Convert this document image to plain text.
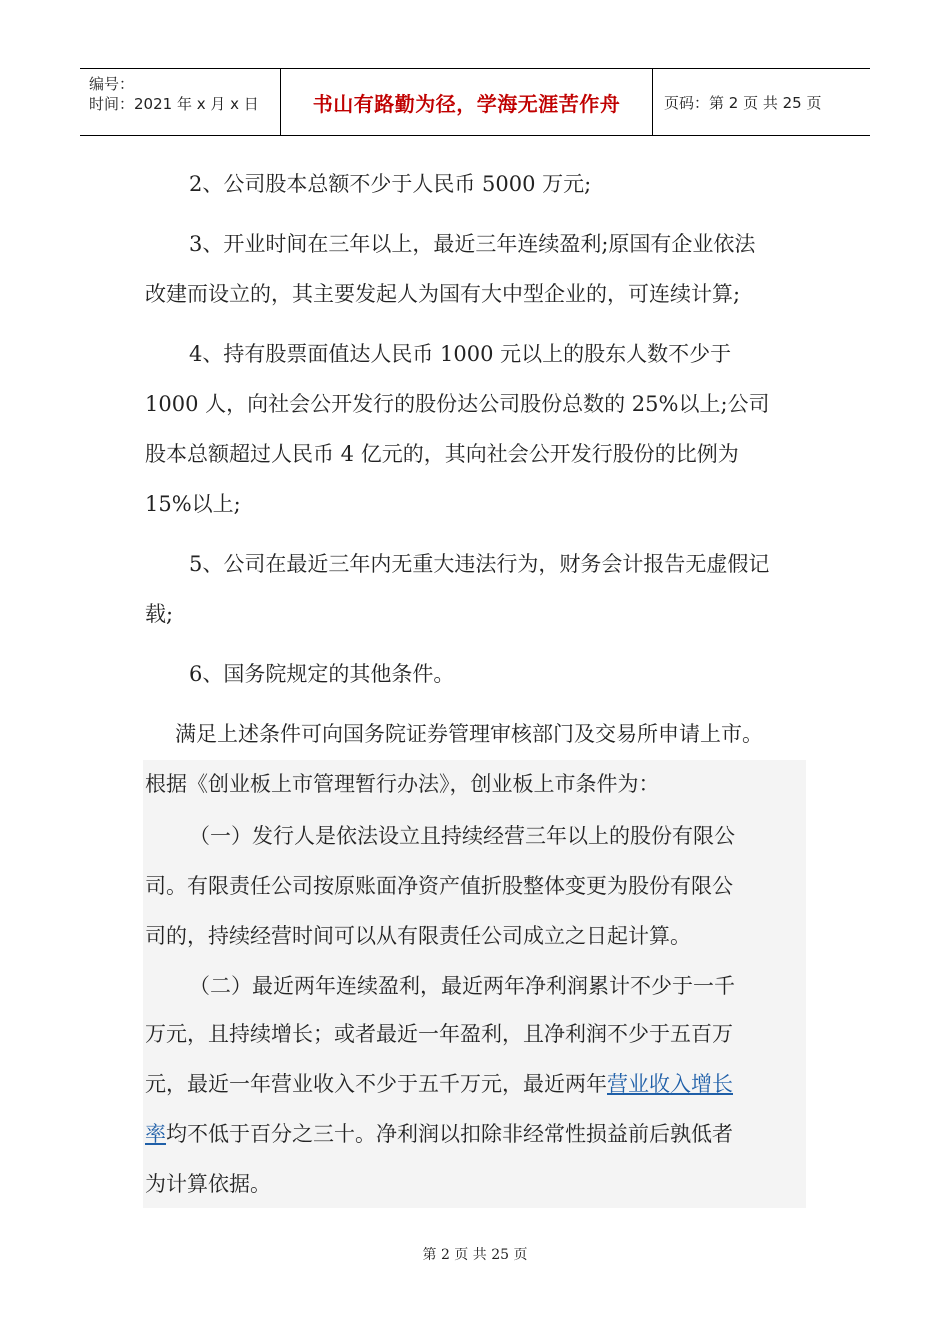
编号：
时间：2021 年 x 月 x 日	书山有路勤为径，学海无涯苦作舟	页码：第 2 页 共 25 页

2、公司股本总额不少于人民币 5000 万元;

3、开业时间在三年以上，最近三年连续盈利;原国有企业依法

改建而设立的，其主要发起人为国有大中型企业的，可连续计算;

4、持有股票面值达人民币 1000 元以上的股东人数不少于

1000 人，向社会公开发行的股份达公司股份总数的 25%以上;公司

股本总额超过人民币 4 亿元的，其向社会公开发行股份的比例为

15%以上;

5、公司在最近三年内无重大违法行为，财务会计报告无虚假记

载;

6、国务院规定的其他条件。

满足上述条件可向国务院证券管理审核部门及交易所申请上市。

根据《创业板上市管理暂行办法》，创业板上市条件为：

（一）发行人是依法设立且持续经营三年以上的股份有限公

司。有限责任公司按原账面净资产值折股整体变更为股份有限公

司的，持续经营时间可以从有限责任公司成立之日起计算。

（二）最近两年连续盈利，最近两年净利润累计不少于一千

万元，且持续增长；或者最近一年盈利，且净利润不少于五百万

元，最近一年营业收入不少于五千万元，最近两年营业收入增长

率均不低于百分之三十。净利润以扣除非经常性损益前后孰低者

为计算依据。

第 2 页 共 25 页
